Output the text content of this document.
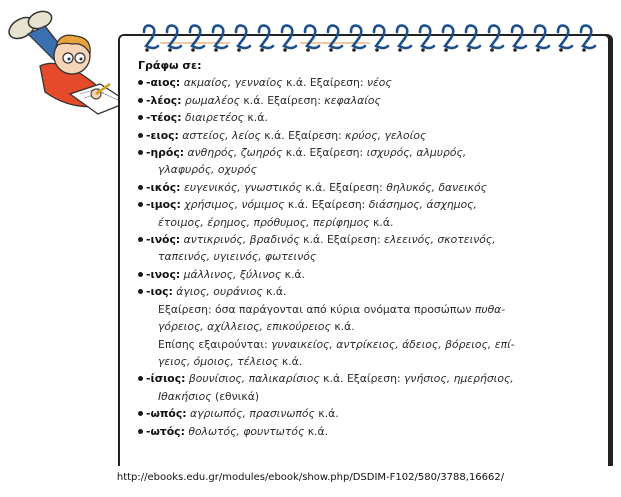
Γράφω σε:
-αιος: ακμαίος, γενναίος κ.ά. Εξαίρεση: νέος
-λέος: ρωμαλέος κ.ά. Εξαίρεση: κεφαλαίος
-τέος: διαιρετέος κ.ά.
-ειος: αστείος, λείος κ.ά. Εξαίρεση: κρύος, γελοίος
-ηρός: ανθηρός, ζωηρός κ.ά. Εξαίρεση: ισχυρός, αλμυρός,
γλαφυρός, οχυρός
-ικός: ευγενικός, γνωστικός κ.ά. Εξαίρεση: θηλυκός, δανεικός
-ιμος: χρήσιμος, νόμιμος κ.ά. Εξαίρεση: διάσημος, άσχημος,
έτοιμος, έρημος, πρόθυμος, περίφημος κ.ά.
-ινός: αντικρινός, βραδινός κ.ά. Εξαίρεση: ελεεινός, σκοτεινός,
ταπεινός, υγιεινός, φωτεινός
-ινος: μάλλινος, ξύλινος κ.ά.
-ιος: άγιος, ουράνιος κ.ά.
Εξαίρεση: όσα παράγονται από κύρια ονόματα προσώπων πυθα-
γόρειος, αχίλλειος, επικούρειος κ.ά.
Επίσης εξαιρούνται: γυναικείος, αντρίκειος, άδειος, βόρειος, επί-
γειος, όμοιος, τέλειος κ.ά.
-ίσιος: βουνίσιος, παλικαρίσιος κ.ά. Εξαίρεση: γνήσιος, ημερήσιος,
Ιθακήσιος (εθνικά)
-ωπός: αγριωπός, πρασινωπός κ.ά.
-ωτός: θολωτός, φουντωτός κ.ά.
http://ebooks.edu.gr/modules/ebook/show.php/DSDIM-F102/580/3788,16662/
